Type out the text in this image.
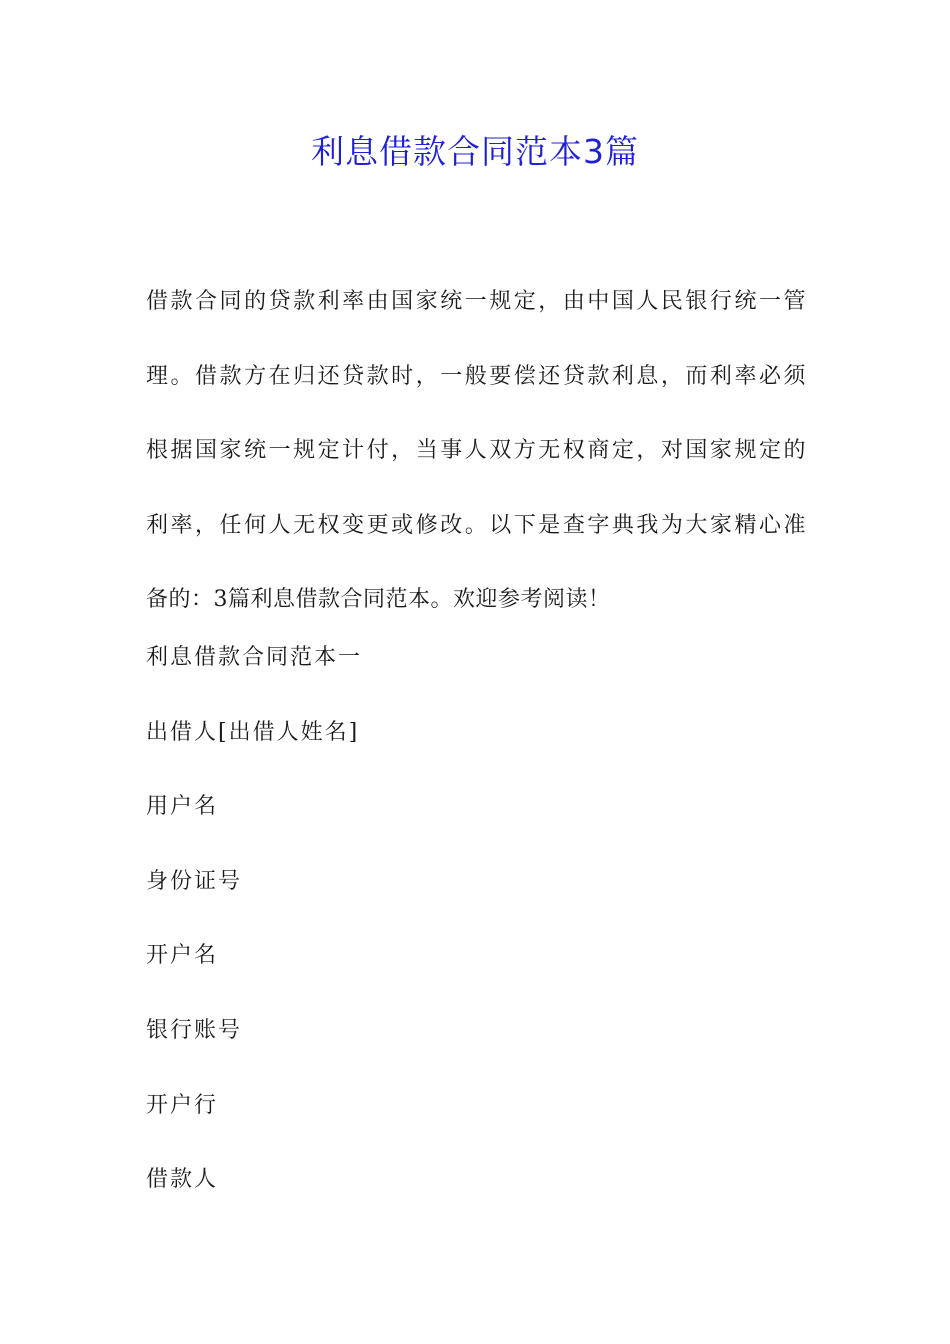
利息借款合同范本3篇
借款合同的贷款利率由国家统一规定，由中国人民银行统一管
理。借款方在归还贷款时，一般要偿还贷款利息，而利率必须
根据国家统一规定计付，当事人双方无权商定，对国家规定的
利率，任何人无权变更或修改。以下是查字典我为大家精心准
备的：3篇利息借款合同范本。欢迎参考阅读！
利息借款合同范本一
出借人[出借人姓名]
用户名
身份证号
开户名
银行账号
开户行
借款人
